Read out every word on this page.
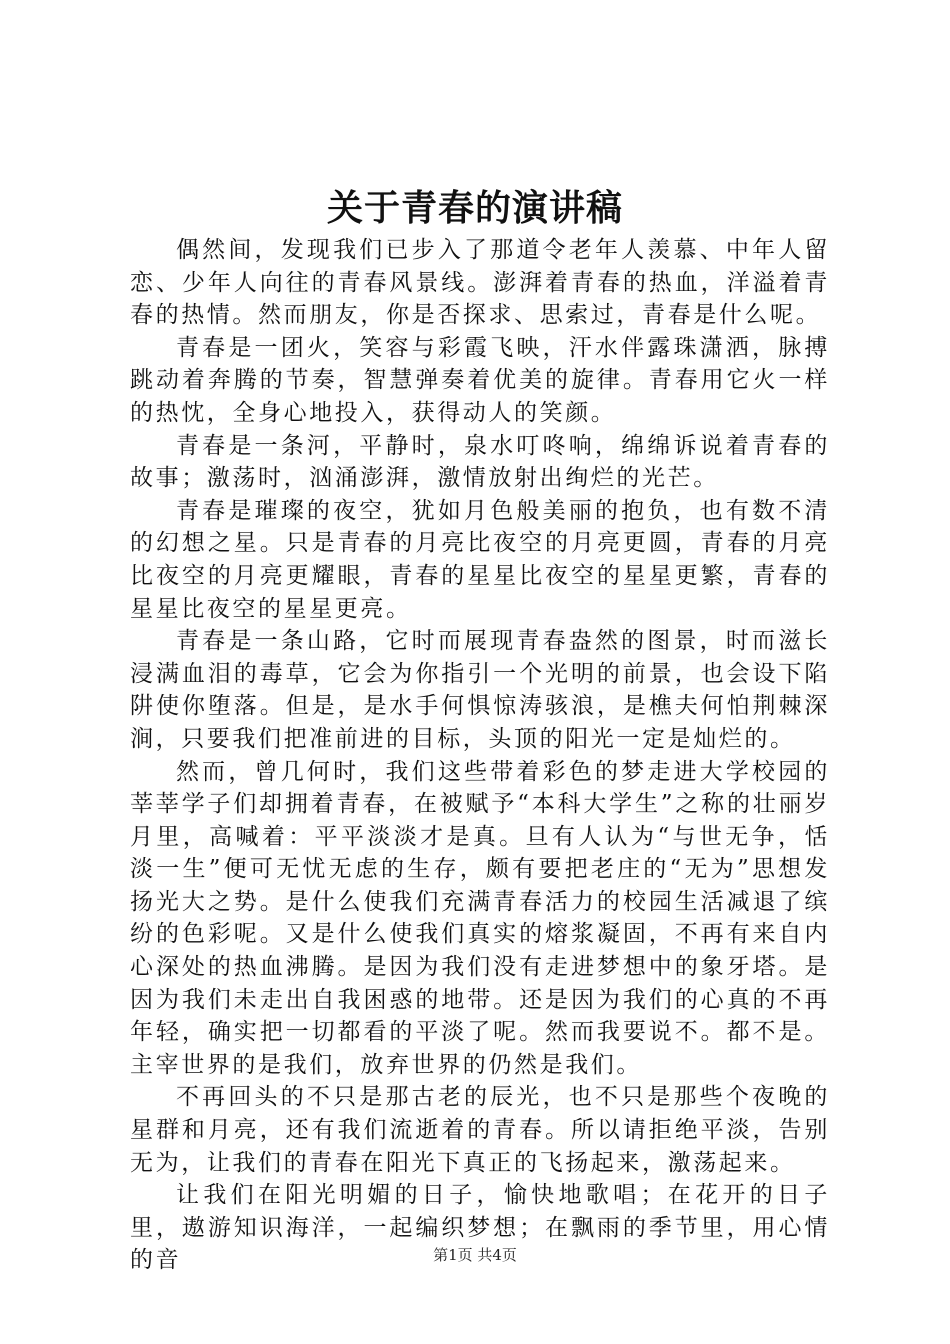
关于青春的演讲稿

偶然间，发现我们已步入了那道令老年人羡慕、中年人留恋、少年人向往的青春风景线。澎湃着青春的热血，洋溢着青春的热情。然而朋友，你是否探求、思索过，青春是什么呢。

青春是一团火，笑容与彩霞飞映，汗水伴露珠潇洒，脉搏跳动着奔腾的节奏，智慧弹奏着优美的旋律。青春用它火一样的热忱，全身心地投入，获得动人的笑颜。

青春是一条河，平静时，泉水叮咚响，绵绵诉说着青春的故事；激荡时，汹涌澎湃，激情放射出绚烂的光芒。

青春是璀璨的夜空，犹如月色般美丽的抱负，也有数不清的幻想之星。只是青春的月亮比夜空的月亮更圆，青春的月亮比夜空的月亮更耀眼，青春的星星比夜空的星星更繁，青春的星星比夜空的星星更亮。

青春是一条山路，它时而展现青春盎然的图景，时而滋长浸满血泪的毒草，它会为你指引一个光明的前景，也会设下陷阱使你堕落。但是，是水手何惧惊涛骇浪，是樵夫何怕荆棘深涧，只要我们把准前进的目标，头顶的阳光一定是灿烂的。

然而，曾几何时，我们这些带着彩色的梦走进大学校园的莘莘学子们却拥着青春，在被赋予“本科大学生”之称的壮丽岁月里，高喊着：平平淡淡才是真。旦有人认为“与世无争，恬淡一生”便可无忧无虑的生存，颇有要把老庄的“无为”思想发扬光大之势。是什么使我们充满青春活力的校园生活减退了缤纷的色彩呢。又是什么使我们真实的熔浆凝固，不再有来自内心深处的热血沸腾。是因为我们没有走进梦想中的象牙塔。是因为我们未走出自我困惑的地带。还是因为我们的心真的不再年轻，确实把一切都看的平淡了呢。然而我要说不。都不是。主宰世界的是我们，放弃世界的仍然是我们。

不再回头的不只是那古老的辰光，也不只是那些个夜晚的星群和月亮，还有我们流逝着的青春。所以请拒绝平淡，告别无为，让我们的青春在阳光下真正的飞扬起来，激荡起来。

让我们在阳光明媚的日子，愉快地歌唱；在花开的日子里，遨游知识海洋，一起编织梦想；在飘雨的季节里，用心情的音	第1页 共4页
